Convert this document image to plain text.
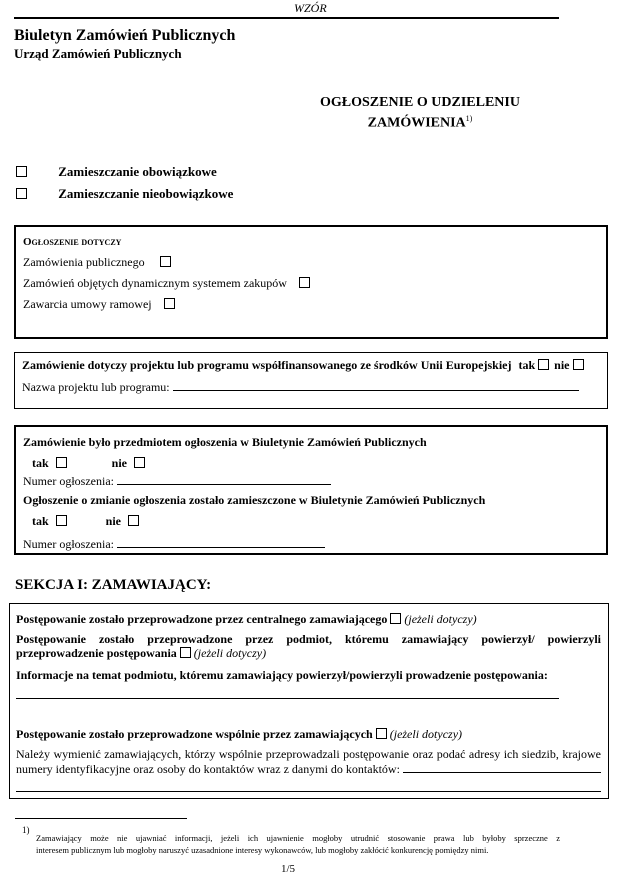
WZÓR
Biuletyn Zamówień Publicznych
Urząd Zamówień Publicznych
OGŁOSZENIE O UDZIELENIU
ZAMÓWIENIA$^{1)}$
Zamieszczanie obowiązkowe
Zamieszczanie nieobowiązkowe
Ogłoszenie dotyczy
Zamówienia publicznego
Zamówień objętych dynamicznym systemem zakupów
Zawarcia umowy ramowej
Zamówienie dotyczy projektu lub programu współfinansowanego ze środków Unii Europejskiej tak nie
Nazwa projektu lub programu:
Zamówienie było przedmiotem ogłoszenia w Biuletynie Zamówień Publicznych
tak	nie
Numer ogłoszenia:
Ogłoszenie o zmianie ogłoszenia zostało zamieszczone w Biuletynie Zamówień Publicznych
tak	nie
Numer ogłoszenia:
SEKCJA I: ZAMAWIAJĄCY:
Postępowanie zostało przeprowadzone przez centralnego zamawiającego (jeżeli dotyczy)
Postępowanie zostało przeprowadzone przez podmiot, któremu zamawiający powierzył/ powierzyli
przeprowadzenie postępowania (jeżeli dotyczy)
Informacje na temat podmiotu, któremu zamawiający powierzył/powierzyli prowadzenie postępowania:
Postępowanie zostało przeprowadzone wspólnie przez zamawiających (jeżeli dotyczy)
Należy wymienić zamawiających, którzy wspólnie przeprowadzali postępowanie oraz podać adresy ich siedzib, krajowe
numery identyfikacyjne oraz osoby do kontaktów wraz z danymi do kontaktów:
1)
Zamawiający może nie ujawniać informacji, jeżeli ich ujawnienie mogłoby utrudnić stosowanie prawa lub byłoby sprzeczne z
interesem publicznym lub mogłoby naruszyć uzasadnione interesy wykonawców, lub mogłoby zakłócić konkurencję pomiędzy nimi.
1/5
